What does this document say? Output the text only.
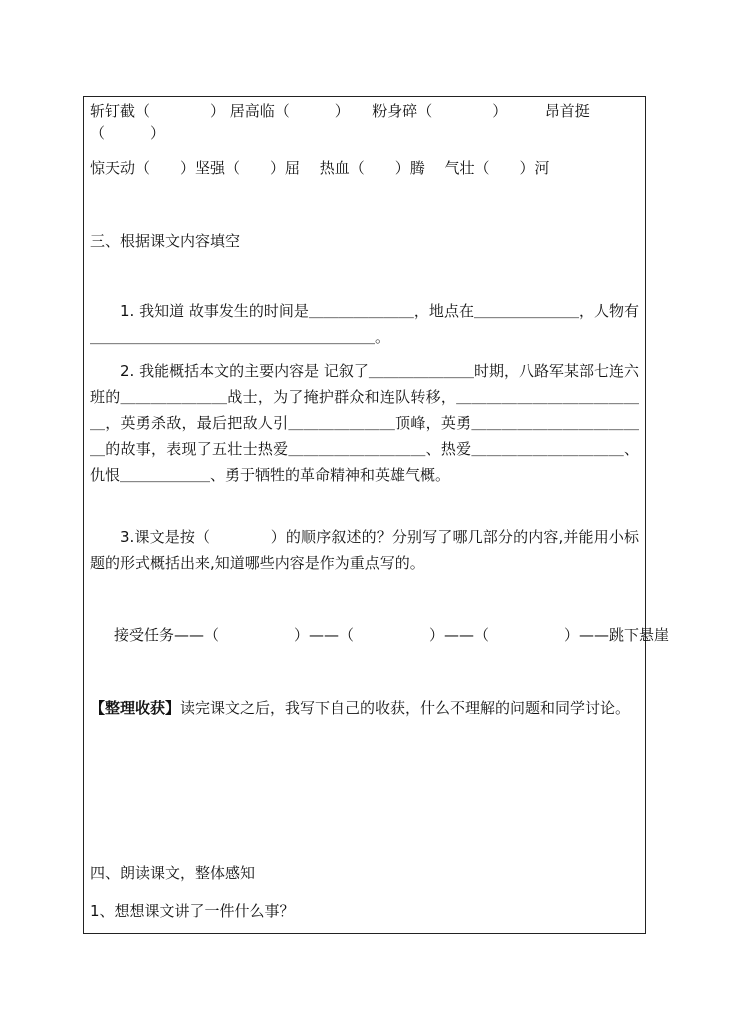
斩钉截（　　　　） 居高临（　　　）　　粉身碎（　　　　）　　　昂首挺
（　　　）
惊天动（　　）坚强（　　）屈　 热血（　　）腾　 气壮（　　）河
三、根据课文内容填空
1. 我知道 故事发生的时间是＿＿＿＿＿＿＿，地点在＿＿＿＿＿＿＿，人物有＿＿＿＿＿＿＿＿＿＿＿＿＿＿＿＿＿＿＿。
2. 我能概括本文的主要内容是 记叙了＿＿＿＿＿＿＿时期，八路军某部七连六班的＿＿＿＿＿＿＿战士，为了掩护群众和连队转移，＿＿＿＿＿＿＿＿＿＿＿＿＿，英勇杀敌，最后把敌人引＿＿＿＿＿＿＿顶峰，英勇＿＿＿＿＿＿＿＿＿＿＿＿的故事，表现了五壮士热爱＿＿＿＿＿＿＿＿＿、热爱＿＿＿＿＿＿＿＿＿＿、仇恨＿＿＿＿＿＿、勇于牺牲的革命精神和英雄气概。
3.课文是按（　　　　）的顺序叙述的？分别写了哪几部分的内容,并能用小标题的形式概括出来,知道哪些内容是作为重点写的。
接受任务——（　　　　　）——（　　　　　）——（　　　　　）——跳下悬崖
【整理收获】读完课文之后，我写下自己的收获，什么不理解的问题和同学讨论。
四、朗读课文，整体感知
1、想想课文讲了一件什么事？
